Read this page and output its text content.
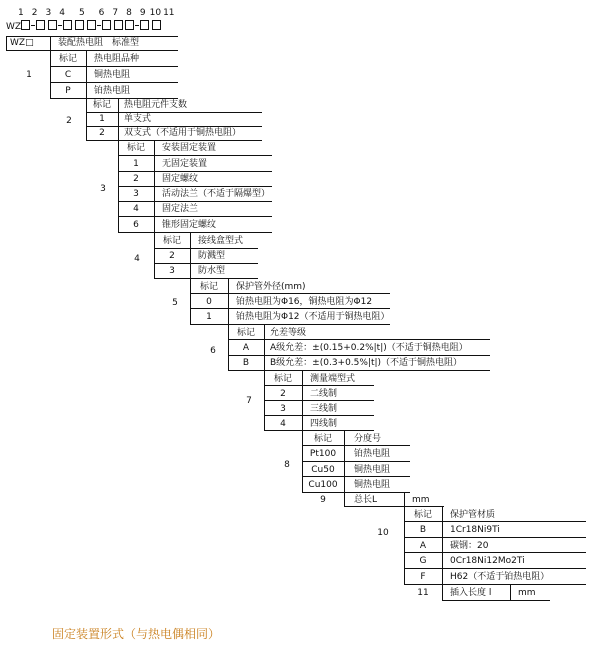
1 2 3 4 5 6 7 8 9 10 11
WZ
WZ□	装配热电阻　标准型
1
标记	热电阻品种
C	铜热电阻
P	铂热电阻
2
标记	热电阻元件支数
1	单支式
2	双支式（不适用于铜热电阻）
3
标记	安装固定装置
1	无固定装置
2	固定螺纹
3	活动法兰（不适于隔爆型）
4	固定法兰
6	锥形固定螺纹
4
标记	接线盒型式
2	防溅型
3	防水型
5
标记	保护管外径(mm)
0	铂热电阻为Φ16，铜热电阻为Φ12
1	铂热电阻为Φ12（不适用于铜热电阻）
6
标记	允差等级
A	A级允差：±(0.15+0.2%|t|)（不适于铜热电阻）
B	B级允差：±(0.3+0.5%|t|)（不适于铜热电阻）
7
标记	测量端型式
2	二线制
3	三线制
4	四线制
8
标记	分度号
Pt100	铂热电阻
Cu50	铜热电阻
Cu100	铜热电阻
9	总长L	mm
10
标记	保护管材质
B	1Cr18Ni9Ti
A	碳钢：20
G	0Cr18Ni12Mo2Ti
F	H62（不适于铂热电阻）
11 插入长度 l	mm
固定装置形式（与热电偶相同）
